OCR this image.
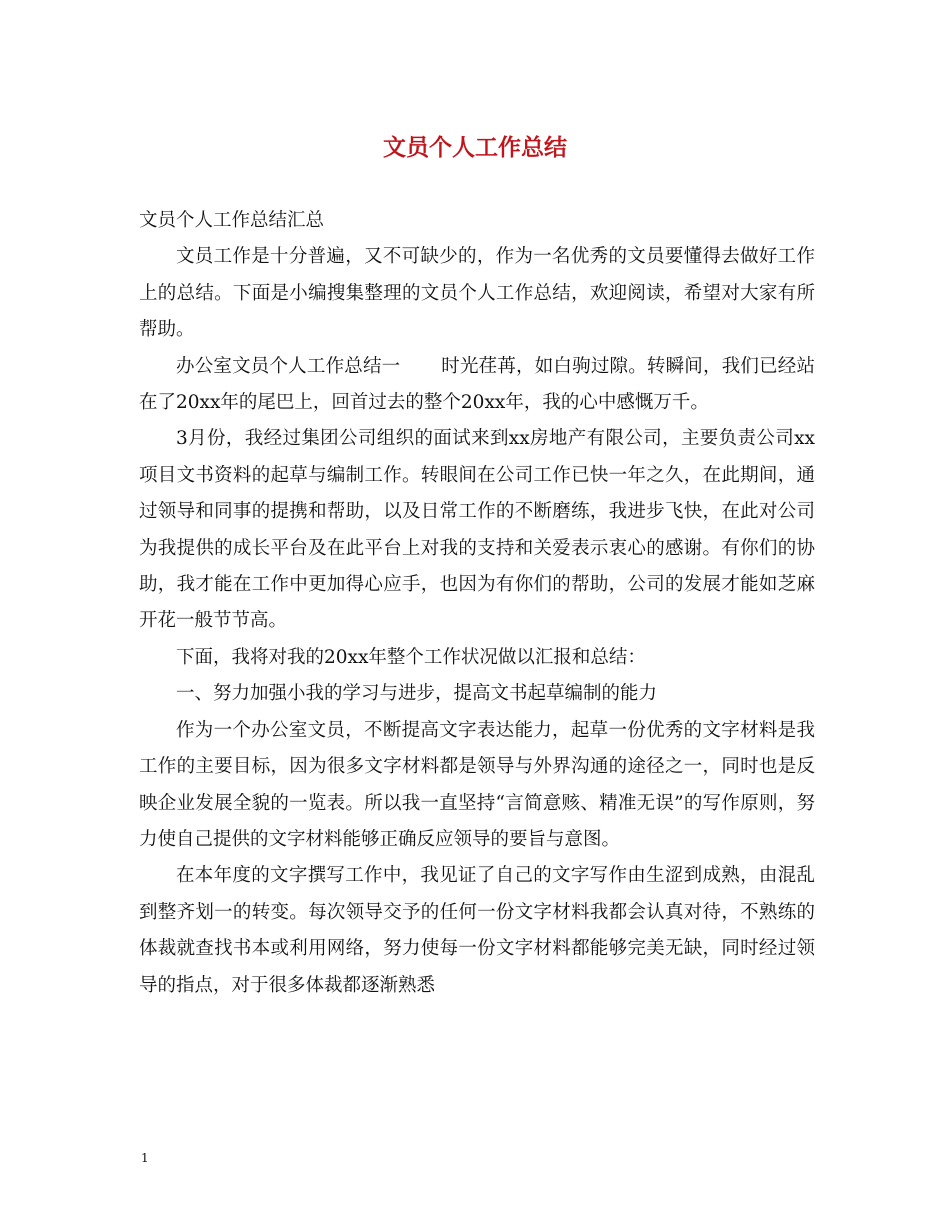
文员个人工作总结

文员个人工作总结汇总

文员工作是十分普遍，又不可缺少的，作为一名优秀的文员要懂得去做好工作上的总结。下面是小编搜集整理的文员个人工作总结，欢迎阅读，希望对大家有所帮助。

办公室文员个人工作总结一 时光荏苒，如白驹过隙。转瞬间，我们已经站在了20xx年的尾巴上，回首过去的整个20xx年，我的心中感慨万千。

3月份，我经过集团公司组织的面试来到xx房地产有限公司，主要负责公司xx项目文书资料的起草与编制工作。转眼间在公司工作已快一年之久，在此期间，通过领导和同事的提携和帮助，以及日常工作的不断磨练，我进步飞快，在此对公司为我提供的成长平台及在此平台上对我的支持和关爱表示衷心的感谢。有你们的协助，我才能在工作中更加得心应手，也因为有你们的帮助，公司的发展才能如芝麻开花一般节节高。

下面，我将对我的20xx年整个工作状况做以汇报和总结：

一、努力加强小我的学习与进步，提高文书起草编制的能力

作为一个办公室文员，不断提高文字表达能力，起草一份优秀的文字材料是我工作的主要目标，因为很多文字材料都是领导与外界沟通的途径之一，同时也是反映企业发展全貌的一览表。所以我一直坚持“言简意赅、精准无误”的写作原则，努力使自己提供的文字材料能够正确反应领导的要旨与意图。

在本年度的文字撰写工作中，我见证了自己的文字写作由生涩到成熟，由混乱到整齐划一的转变。每次领导交予的任何一份文字材料我都会认真对待，不熟练的体裁就查找书本或利用网络，努力使每一份文字材料都能够完美无缺，同时经过领导的指点，对于很多体裁都逐渐熟悉

1
